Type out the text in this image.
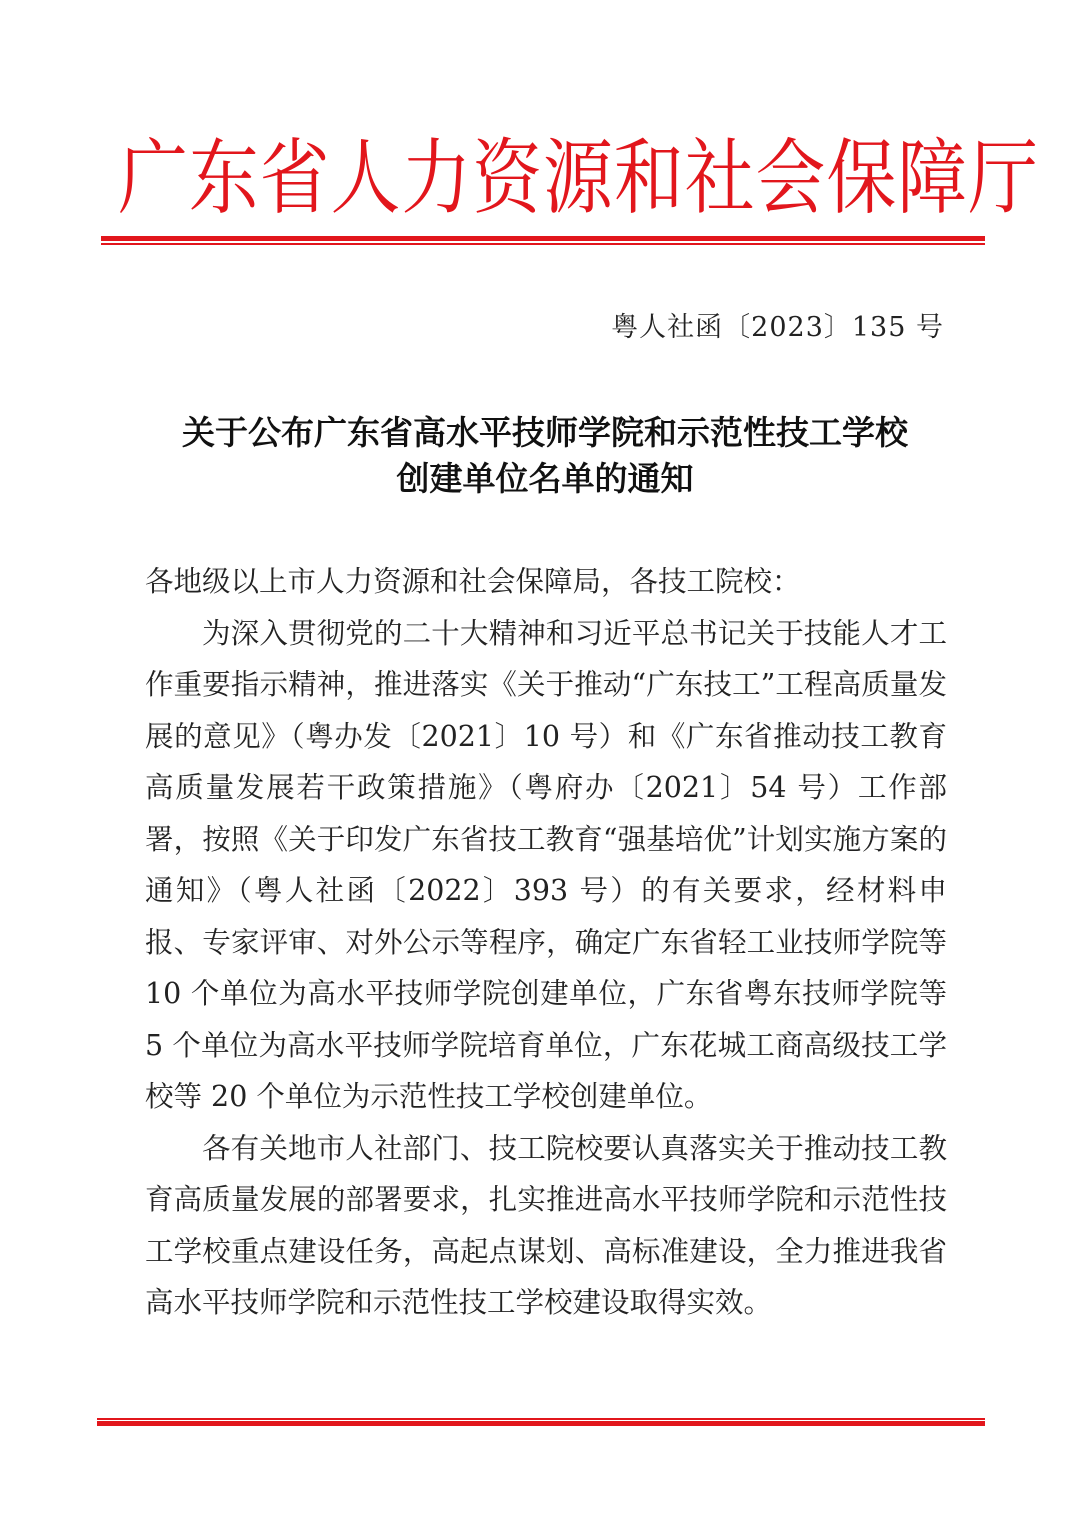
广 东 省 人 力 资 源 和 社 会 保 障 厅
粤人社函〔2023〕135 号
关于公布广东省高水平技师学院和示范性技工学校
创建单位名单的通知

各地级以上市人力资源和社会保障局，各技工院校：

为深入贯彻党的二十大精神和习近平总书记关于技能人才工作重要指示精神，推进落实《关于推动“广东技工”工程高质量发展的意见》（粤办发〔2021〕10 号）和《广东省推动技工教育高质量发展若干政策措施》（粤府办〔2021〕54 号）工作部署，按照《关于印发广东省技工教育“强基培优”计划实施方案的通知》（粤人社函〔2022〕393 号）的有关要求，经材料申报、专家评审、对外公示等程序，确定广东省轻工业技师学院等 10 个单位为高水平技师学院创建单位，广东省粤东技师学院等 5 个单位为高水平技师学院培育单位，广东花城工商高级技工学校等 20 个单位为示范性技工学校创建单位。

各有关地市人社部门、技工院校要认真落实关于推动技工教育高质量发展的部署要求，扎实推进高水平技师学院和示范性技工学校重点建设任务，高起点谋划、高标准建设，全力推进我省高水平技师学院和示范性技工学校建设取得实效。
